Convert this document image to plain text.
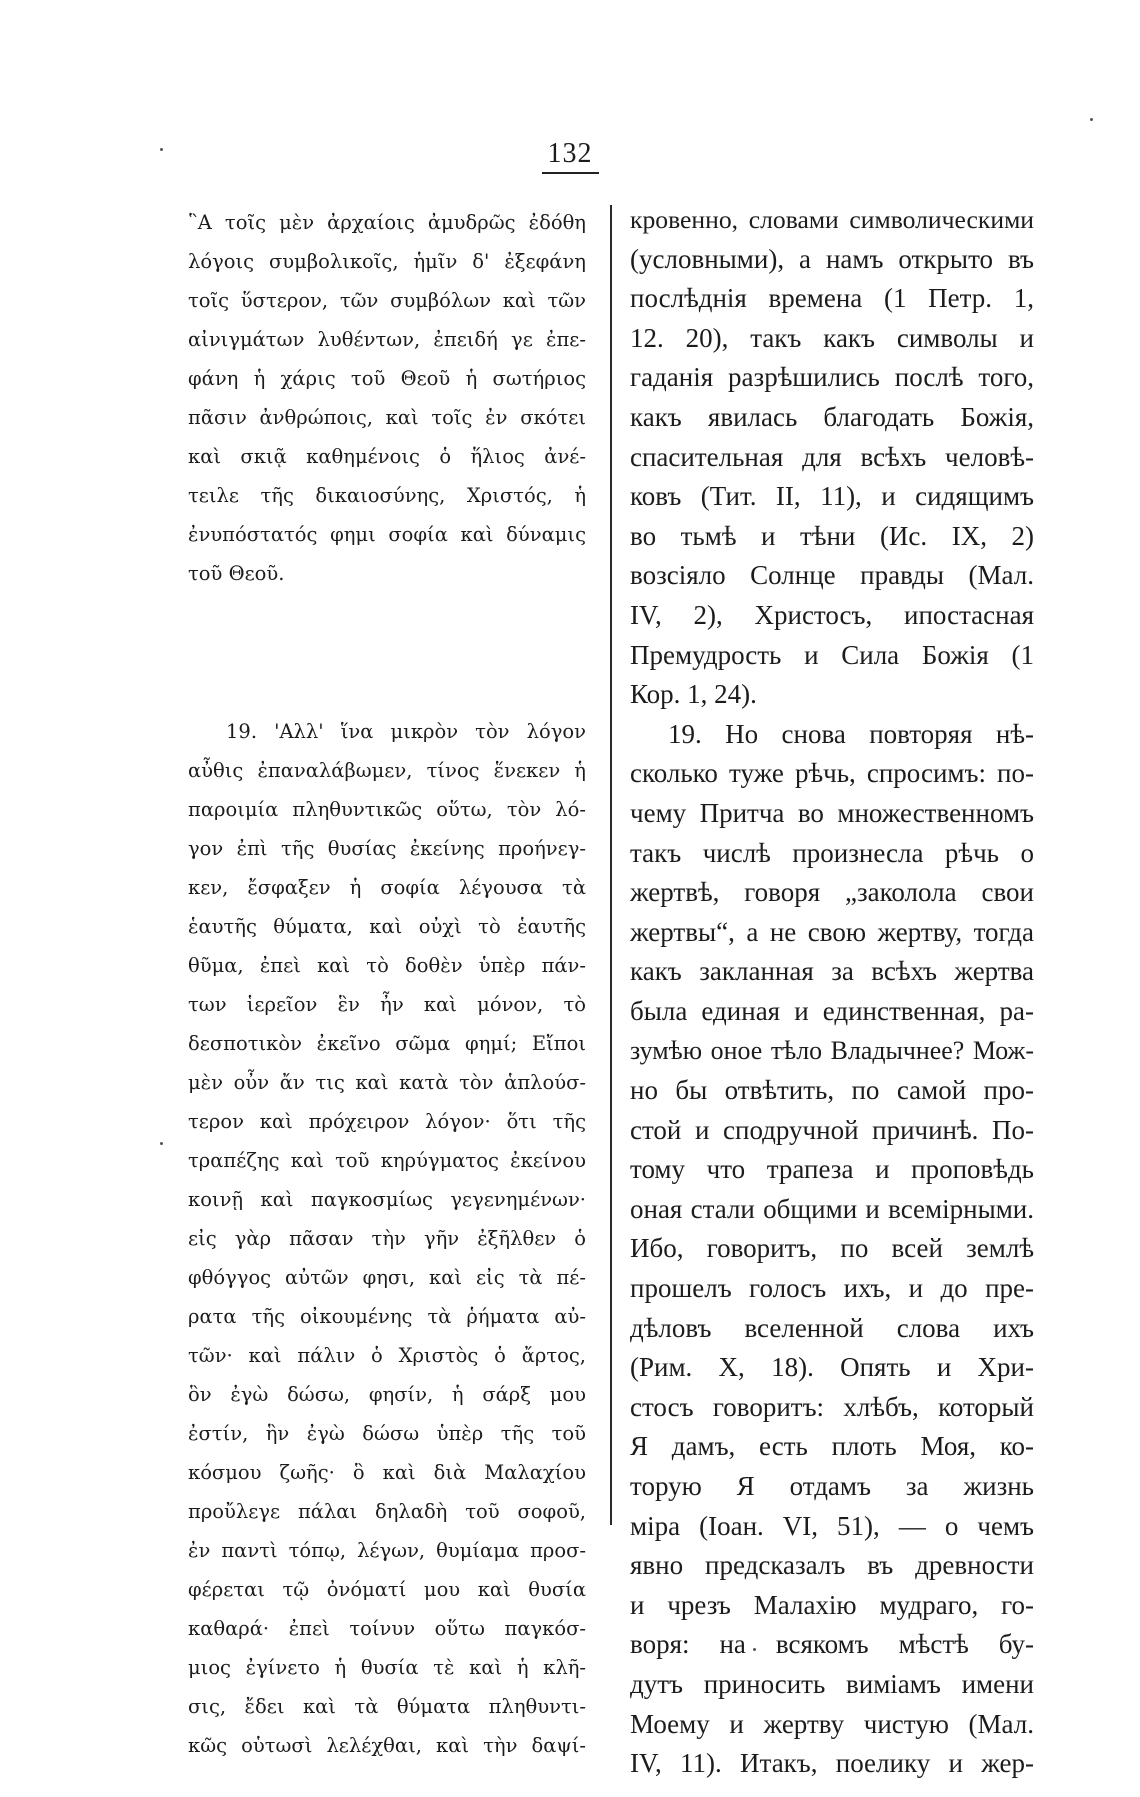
132
῝Α τοῖς μὲν ἀρχαίοις ἀμυδρῶς ἐδόθη
λόγοις συμβολικοῖς, ἡμῖν δ' ἐξεφάνη
τοῖς ὕστερον, τῶν συμβόλων καὶ τῶν
αἰνιγμάτων λυθέντων, ἐπειδή γε ἐπε-
φάνη ἡ χάρις τοῦ Θεοῦ ἡ σωτήριος
πᾶσιν ἀνθρώποις, καὶ τοῖς ἐν σκότει
καὶ σκιᾷ καθημένοις ὁ ἥλιος ἀνέ-
τειλε τῆς δικαιοσύνης, Χριστός, ἡ
ἐνυπόστατός φημι σοφία καὶ δύναμις
τοῦ Θεοῦ.
19. 'Αλλ' ἵνα μικρὸν τὸν λόγον
αὖθις ἐπαναλάβωμεν, τίνος ἕνεκεν ἡ
παροιμία πληθυντικῶς οὕτω, τὸν λό-
γον ἐπὶ τῆς θυσίας ἐκείνης προήνεγ-
κεν, ἔσφαξεν ἡ σοφία λέγουσα τὰ
ἑαυτῆς θύματα, καὶ οὐχὶ τὸ ἑαυτῆς
θῦμα, ἐπεὶ καὶ τὸ δοθὲν ὑπὲρ πάν-
των ἱερεῖον ἓν ἦν καὶ μόνον, τὸ
δεσποτικὸν ἐκεῖνο σῶμα φημί; Εἴποι
μὲν οὖν ἄν τις καὶ κατὰ τὸν ἁπλούσ-
τερον καὶ πρόχειρον λόγον· ὅτι τῆς
τραπέζης καὶ τοῦ κηρύγματος ἐκείνου
κοινῇ καὶ παγκοσμίως γεγενημένων·
εἰς γὰρ πᾶσαν τὴν γῆν ἐξῆλθεν ὁ
φθόγγος αὐτῶν φησι, καὶ εἰς τὰ πέ-
ρατα τῆς οἰκουμένης τὰ ῥήματα αὐ-
τῶν· καὶ πάλιν ὁ Χριστὸς ὁ ἄρτος,
ὃν ἐγὼ δώσω, φησίν, ἡ σάρξ μου
ἐστίν, ἣν ἐγὼ δώσω ὑπὲρ τῆς τοῦ
κόσμου ζωῆς· ὃ καὶ διὰ Μαλαχίου
προὔλεγε πάλαι δηλαδὴ τοῦ σοφοῦ,
ἐν παντὶ τόπῳ, λέγων, θυμίαμα προσ-
φέρεται τῷ ὀνόματί μου καὶ θυσία
καθαρά· ἐπεὶ τοίνυν οὕτω παγκόσ-
μιος ἐγίνετο ἡ θυσία τὲ καὶ ἡ κλῆ-
σις, ἔδει καὶ τὰ θύματα πληθυντι-
κῶς οὑτωσὶ λελέχθαι, καὶ τὴν δαψί-
кровенно, словами символическими
(условными), а намъ открыто въ
послѣднія времена (1 Петр. 1,
12. 20), такъ какъ символы и
гаданія разрѣшились послѣ того,
какъ явилась благодать Божія,
спасительная для всѣхъ человѣ-
ковъ (Тит. II, 11), и сидящимъ
во тьмѣ и тѣни (Ис. IX, 2)
возсіяло Солнце правды (Мал.
IV, 2), Христосъ, ипостасная
Премудрость и Сила Божія (1
Кор. 1, 24).
19. Но снова повторяя нѣ-
сколько туже рѣчь, спросимъ: по-
чему Притча во множественномъ
такъ числѣ произнесла рѣчь о
жертвѣ, говоря „заколола свои
жертвы“, а не свою жертву, тогда
какъ закланная за всѣхъ жертва
была единая и единственная, ра-
зумѣю оное тѣло Владычнее? Мож-
но бы отвѣтить, по самой про-
стой и сподручной причинѣ. По-
тому что трапеза и проповѣдь
оная стали общими и всемірными.
Ибо, говоритъ, по всей землѣ
прошелъ голосъ ихъ, и до пре-
дѣловъ вселенной слова ихъ
(Рим. X, 18). Опять и Хри-
стосъ говоритъ: хлѣбъ, который
Я дамъ, есть плоть Моя, ко-
торую Я отдамъ за жизнь
міра (Іоан. VI, 51), — о чемъ
явно предсказалъ въ древности
и чрезъ Малахію мудраго, го-
воря: на всякомъ мѣстѣ бу-
дутъ приносить виміамъ имени
Моему и жертву чистую (Мал.
IV, 11). Итакъ, поелику и жер-
